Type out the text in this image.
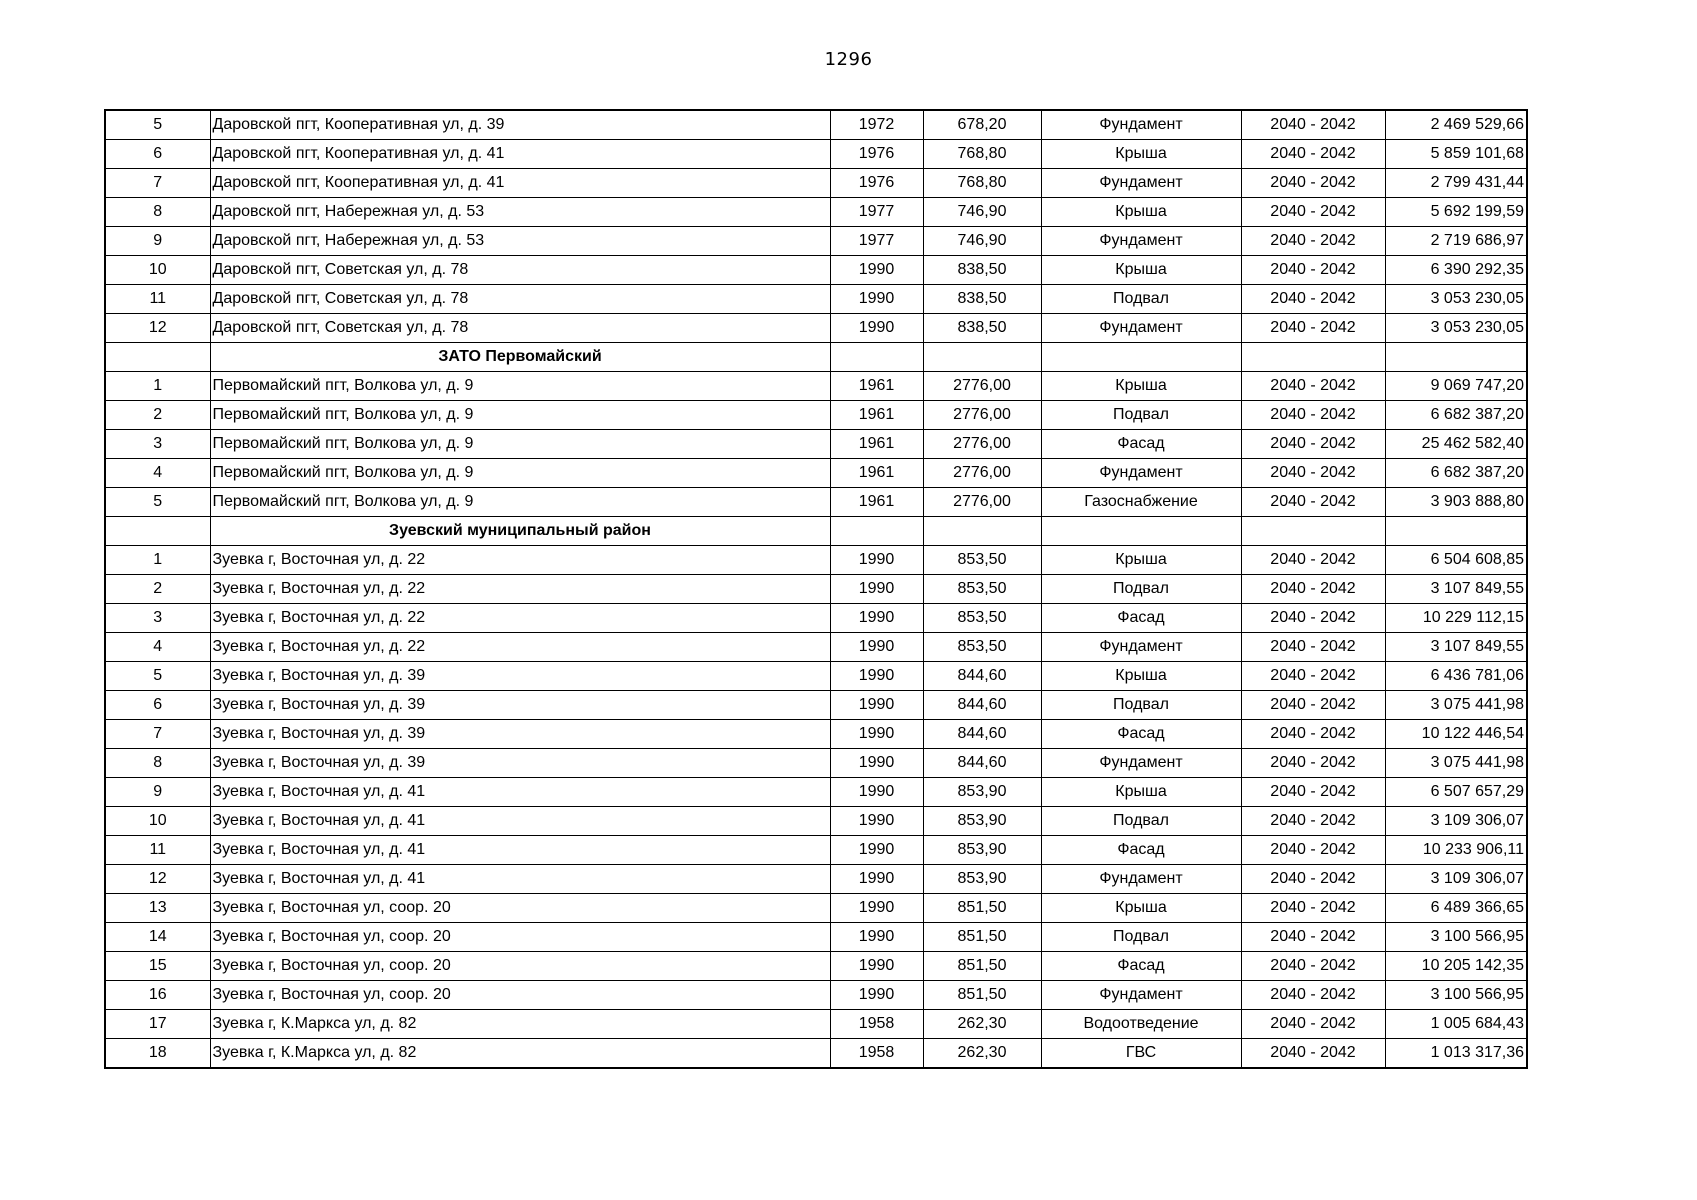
1296
5	Даровской пгт, Кооперативная ул, д. 39	1972	678,20	Фундамент	2040 - 2042	2 469 529,66
6	Даровской пгт, Кооперативная ул, д. 41	1976	768,80	Крыша	2040 - 2042	5 859 101,68
7	Даровской пгт, Кооперативная ул, д. 41	1976	768,80	Фундамент	2040 - 2042	2 799 431,44
8	Даровской пгт, Набережная ул, д. 53	1977	746,90	Крыша	2040 - 2042	5 692 199,59
9	Даровской пгт, Набережная ул, д. 53	1977	746,90	Фундамент	2040 - 2042	2 719 686,97
10	Даровской пгт, Советская ул, д. 78	1990	838,50	Крыша	2040 - 2042	6 390 292,35
11	Даровской пгт, Советская ул, д. 78	1990	838,50	Подвал	2040 - 2042	3 053 230,05
12	Даровской пгт, Советская ул, д. 78	1990	838,50	Фундамент	2040 - 2042	3 053 230,05
	ЗАТО Первомайский					
1	Первомайский пгт, Волкова ул, д. 9	1961	2776,00	Крыша	2040 - 2042	9 069 747,20
2	Первомайский пгт, Волкова ул, д. 9	1961	2776,00	Подвал	2040 - 2042	6 682 387,20
3	Первомайский пгт, Волкова ул, д. 9	1961	2776,00	Фасад	2040 - 2042	25 462 582,40
4	Первомайский пгт, Волкова ул, д. 9	1961	2776,00	Фундамент	2040 - 2042	6 682 387,20
5	Первомайский пгт, Волкова ул, д. 9	1961	2776,00	Газоснабжение	2040 - 2042	3 903 888,80
	Зуевский муниципальный район					
1	Зуевка г, Восточная ул, д. 22	1990	853,50	Крыша	2040 - 2042	6 504 608,85
2	Зуевка г, Восточная ул, д. 22	1990	853,50	Подвал	2040 - 2042	3 107 849,55
3	Зуевка г, Восточная ул, д. 22	1990	853,50	Фасад	2040 - 2042	10 229 112,15
4	Зуевка г, Восточная ул, д. 22	1990	853,50	Фундамент	2040 - 2042	3 107 849,55
5	Зуевка г, Восточная ул, д. 39	1990	844,60	Крыша	2040 - 2042	6 436 781,06
6	Зуевка г, Восточная ул, д. 39	1990	844,60	Подвал	2040 - 2042	3 075 441,98
7	Зуевка г, Восточная ул, д. 39	1990	844,60	Фасад	2040 - 2042	10 122 446,54
8	Зуевка г, Восточная ул, д. 39	1990	844,60	Фундамент	2040 - 2042	3 075 441,98
9	Зуевка г, Восточная ул, д. 41	1990	853,90	Крыша	2040 - 2042	6 507 657,29
10	Зуевка г, Восточная ул, д. 41	1990	853,90	Подвал	2040 - 2042	3 109 306,07
11	Зуевка г, Восточная ул, д. 41	1990	853,90	Фасад	2040 - 2042	10 233 906,11
12	Зуевка г, Восточная ул, д. 41	1990	853,90	Фундамент	2040 - 2042	3 109 306,07
13	Зуевка г, Восточная ул, соор. 20	1990	851,50	Крыша	2040 - 2042	6 489 366,65
14	Зуевка г, Восточная ул, соор. 20	1990	851,50	Подвал	2040 - 2042	3 100 566,95
15	Зуевка г, Восточная ул, соор. 20	1990	851,50	Фасад	2040 - 2042	10 205 142,35
16	Зуевка г, Восточная ул, соор. 20	1990	851,50	Фундамент	2040 - 2042	3 100 566,95
17	Зуевка г, К.Маркса ул, д. 82	1958	262,30	Водоотведение	2040 - 2042	1 005 684,43
18	Зуевка г, К.Маркса ул, д. 82	1958	262,30	ГВС	2040 - 2042	1 013 317,36
